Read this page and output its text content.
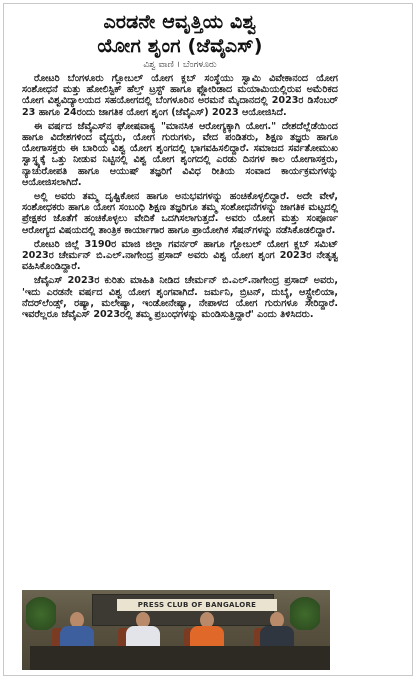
ಎರಡನೇ ಆವೃತ್ತಿಯ ವಿಶ್ವ
ಯೋಗ ಶೃಂಗ (ಜೆವೈಎಸ್)
ವಿಶ್ವ ವಾಣಿ । ಬೆಂಗಳೂರು

ರೋಟರಿ ಬೆಂಗಳೂರು ಗ್ಲೋಬಲ್ ಯೋಗ ಕ್ಲಬ್ ಸಂಸ್ಥೆಯು ಸ್ವಾಮಿ ವಿವೇಕಾನಂದ ಯೋಗ ಸಂಶೋಧನೆ ಮತ್ತು ಹೋಲಿಸ್ಟಿಕ್ ಹೆಲ್ತ್ ಟ್ರಸ್ಟ್ ಹಾಗೂ ಫ್ಲೋರಿಡಾದ ಮಯಾಮಿಯಲ್ಲಿರುವ ಅಮೆರಿಕದ ಯೋಗ ವಿಶ್ವವಿದ್ಯಾಲಯದ ಸಹಯೋಗದಲ್ಲಿ ಬೆಂಗಳೂರಿನ ಅರಮನೆ ಮೈದಾನದಲ್ಲಿ 2023ರ ಡಿಸೆಂಬರ್ 23 ಹಾಗೂ 24ರಂದು ಜಾಗತಿಕ ಯೋಗ ಶೃಂಗ (ಜೆವೈಎಸ್) 2023 ಆಯೋಜಿಸಿದೆ.

ಈ ವರ್ಷದ ಜೆವೈಎಸ್‌ನ ಘೋಷವಾಕ್ಯ "ಮಾನಸಿಕ ಆರೋಗ್ಯಕ್ಕಾಗಿ ಯೋಗ." ದೇಶದೆಲ್ಲೆಡೆಯಿಂದ ಹಾಗೂ ವಿದೇಶಗಳಿಂದ ವೈದ್ಯರು, ಯೋಗ ಗುರುಗಳು, ವೇದ ಪಂಡಿತರು, ಶಿಕ್ಷಣ ತಜ್ಞರು ಹಾಗೂ ಯೋಗಾಸಕ್ತರು ಈ ಬಾರಿಯ ವಿಶ್ವ ಯೋಗ ಶೃಂಗದಲ್ಲಿ ಭಾಗವಹಿಸಲಿದ್ದಾರೆ. ಸಮಾಜದ ಸರ್ವತೋಮುಖ ಸ್ವಾಸ್ಥ್ಯಕ್ಕೆ ಒತ್ತು ನೀಡುವ ನಿಟ್ಟಿನಲ್ಲಿ ವಿಶ್ವ ಯೋಗ ಶೃಂಗದಲ್ಲಿ ಎರಡು ದಿನಗಳ ಕಾಲ ಯೋಗಾಸಕ್ತರು, ನ್ಯಾಚುರೋಪತಿ ಹಾಗೂ ಆಯುಷ್ ತಜ್ಞರಿಗೆ ವಿವಿಧ ರೀತಿಯ ಸಂವಾದ ಕಾರ್ಯಕ್ರಮಗಳನ್ನು ಆಯೋಜಿಸಲಾಗಿದೆ.

ಅಲ್ಲಿ ಅವರು ತಮ್ಮ ದೃಷ್ಟಿಕೋನ ಹಾಗೂ ಅನುಭವಗಳನ್ನು ಹಂಚಿಕೊಳ್ಳಲಿದ್ದಾರೆ. ಅದೇ ವೇಳೆ, ಸಂಶೋಧಕರು ಹಾಗೂ ಯೋಗ ಸಂಬಂಧಿ ಶಿಕ್ಷಣ ತಜ್ಞರಿಗೂ ತಮ್ಮ ಸಂಶೋಧನೆಗಳನ್ನು ಜಾಗತಿಕ ಮಟ್ಟದಲ್ಲಿ ಪ್ರೇಕ್ಷಕರ ಜೊತೆಗೆ ಹಂಚಿಕೊಳ್ಳಲು ವೇದಿಕೆ ಒದಗಿಸಲಾಗುತ್ತದೆ. ಅವರು ಯೋಗ ಮತ್ತು ಸಂಪೂರ್ಣ ಆರೋಗ್ಯದ ವಿಷಯದಲ್ಲಿ ತಾಂತ್ರಿಕ ಕಾರ್ಯಾಗಾರ ಹಾಗೂ ಪ್ರಾಯೋಗಿಕ ಸೆಷನ್‌ಗಳನ್ನು ನಡೆಸಿಕೊಡಲಿದ್ದಾರೆ.

ರೋಟರಿ ಜಿಲ್ಲೆ 3190ರ ಮಾಜಿ ಜಿಲ್ಲಾ ಗವರ್ನರ್ ಹಾಗೂ ಗ್ಲೋಬಲ್ ಯೋಗ ಕ್ಲಬ್ ಸಮಿಟ್ 2023ರ ಚೇರ್ಮನ್ ಬಿ.ಎಲ್.ನಾಗೇಂದ್ರ ಪ್ರಸಾದ್ ಅವರು ವಿಶ್ವ ಯೋಗ ಶೃಂಗ 2023ರ ನೇತೃತ್ವ ವಹಿಸಿಕೊಂಡಿದ್ದಾರೆ.

ಜೆವೈಎಸ್ 2023ರ ಕುರಿತು ಮಾಹಿತಿ ನೀಡಿದ ಚೇರ್ಮನ್ ಬಿ.ಎಲ್.ನಾಗೇಂದ್ರ ಪ್ರಸಾದ್ ಅವರು, 'ಇದು ಎರಡನೇ ವರ್ಷದ ವಿಶ್ವ ಯೋಗ ಶೃಂಗವಾಗಿದೆ. ಜರ್ಮನಿ, ಬ್ರಿಟನ್, ದುಬೈ, ಆಸ್ಟ್ರೇಲಿಯಾ, ನೆದರ್‌ಲೆಂಡ್ಸ್, ರಷ್ಯಾ, ಮಲೇಷ್ಯಾ, ಇಂಡೋನೇಷ್ಯಾ, ನೇಪಾಳದ ಯೋಗ ಗುರುಗಳೂ ಸೇರಿದ್ದಾರೆ. ಇವರೆಲ್ಲರೂ ಜೆವೈಎಸ್ 2023ರಲ್ಲಿ ತಮ್ಮ ಪ್ರಬಂಧಗಳನ್ನು ಮಂಡಿಸುತ್ತಿದ್ದಾರೆ' ಎಂದು ತಿಳಿಸಿದರು.

PRESS CLUB OF BANGALORE
